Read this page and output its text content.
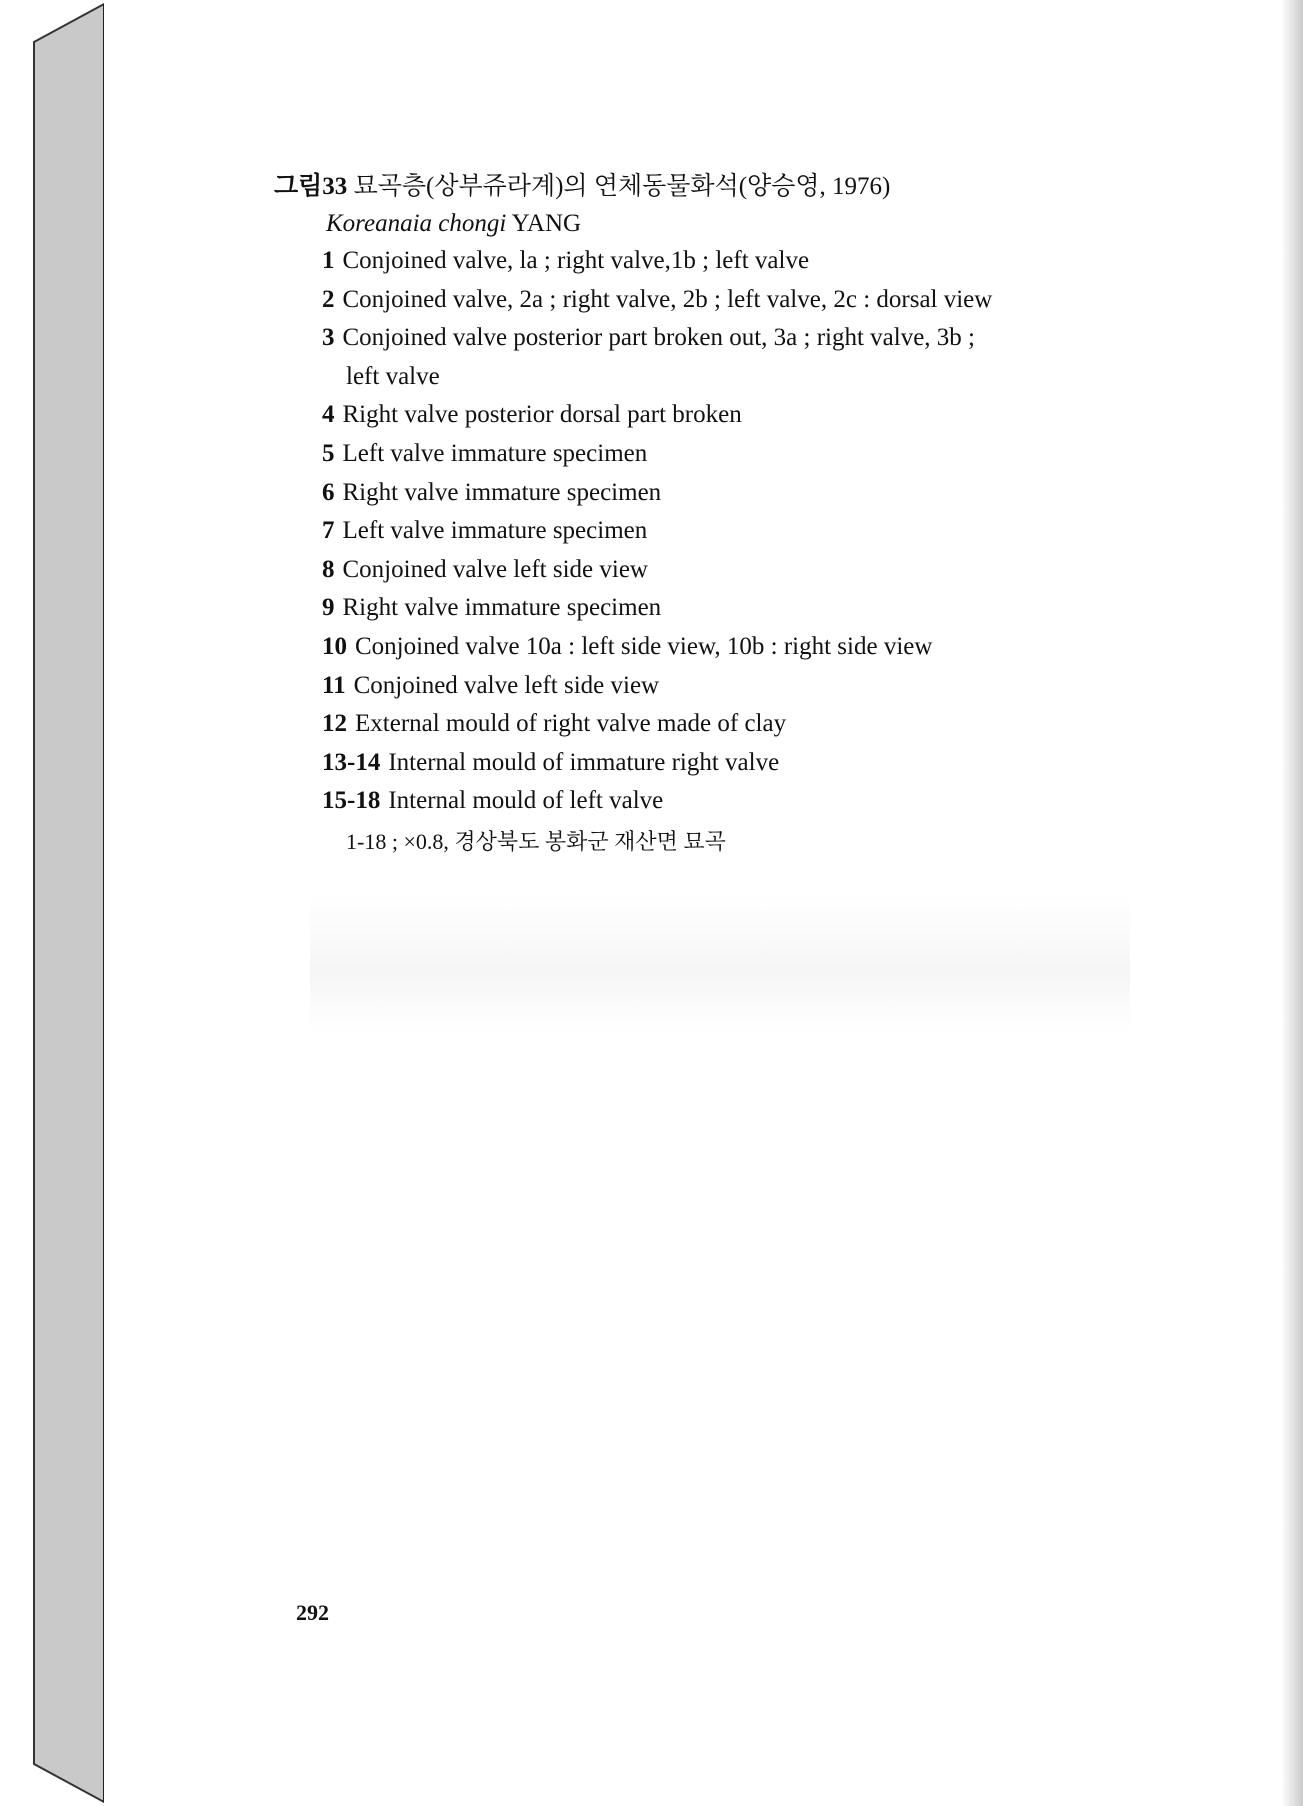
그림33 묘곡층(상부쥬라계)의 연체동물화석(양승영, 1976)
Koreanaia chongi YANG
1 Conjoined valve, la ; right valve,1b ; left valve
2 Conjoined valve, 2a ; right valve, 2b ; left valve, 2c : dorsal view
3 Conjoined valve posterior part broken out, 3a ; right valve, 3b ;
left valve
4 Right valve posterior dorsal part broken
5 Left valve immature specimen
6 Right valve immature specimen
7 Left valve immature specimen
8 Conjoined valve left side view
9 Right valve immature specimen
10 Conjoined valve 10a : left side view, 10b : right side view
11 Conjoined valve left side view
12 External mould of right valve made of clay
13-14 Internal mould of immature right valve
15-18 Internal mould of left valve
1-18 ; ×0.8, 경상북도 봉화군 재산면 묘곡
292
